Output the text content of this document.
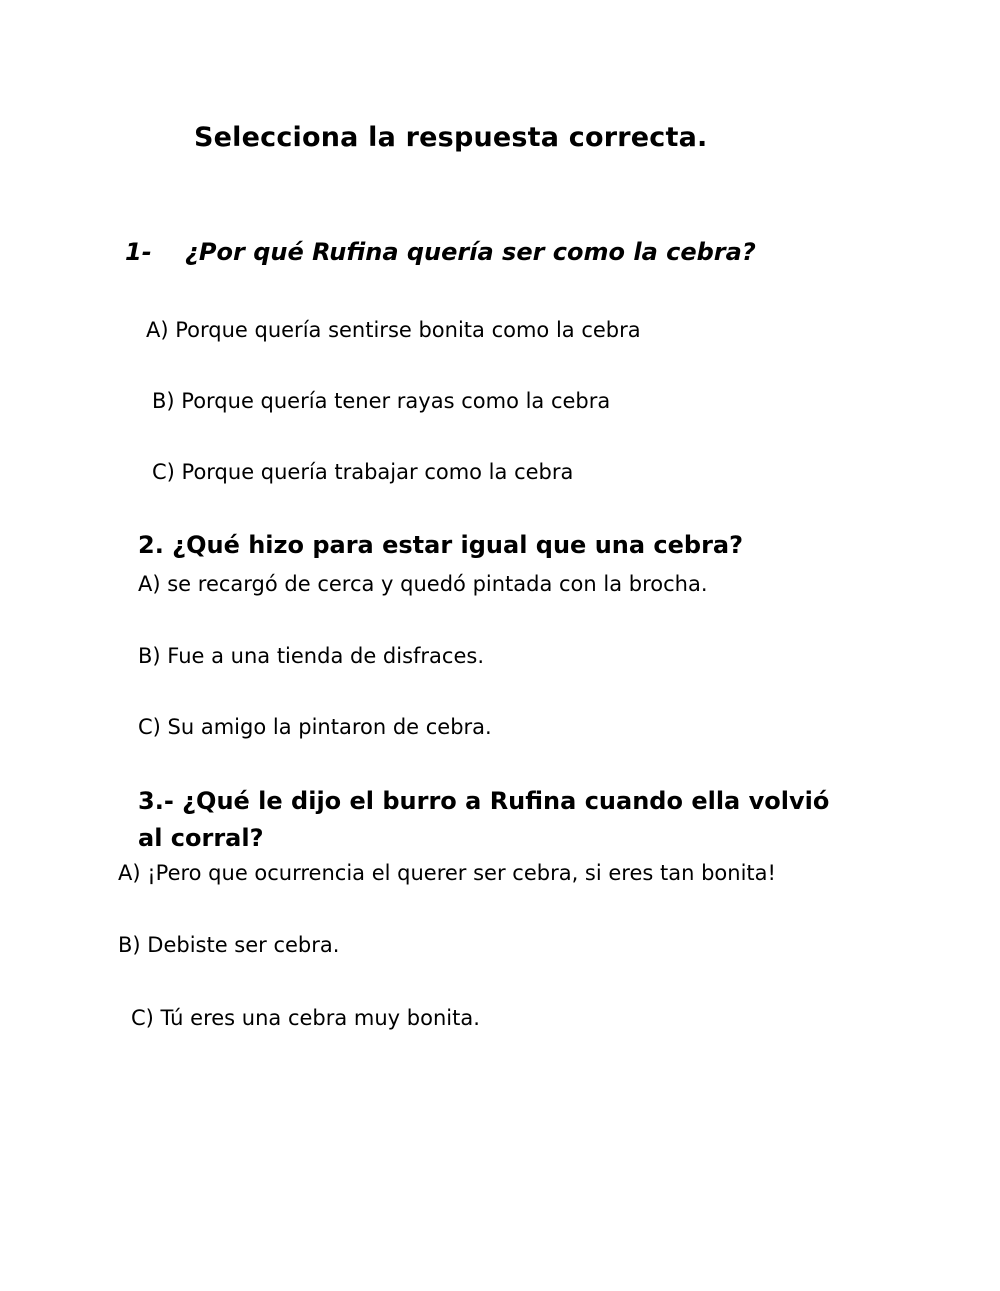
Selecciona la respuesta correcta.
1- ¿Por qué Rufina quería ser como la cebra?
A) Porque quería sentirse bonita como la cebra
B) Porque quería tener rayas como la cebra
C) Porque quería trabajar como la cebra
2. ¿Qué hizo para estar igual que una cebra?
A) se recargó de cerca y quedó pintada con la brocha.
B) Fue a una tienda de disfraces.
C) Su amigo la pintaron de cebra.
3.- ¿Qué le dijo el burro a Rufina cuando ella volvió al corral?
A) ¡Pero que ocurrencia el querer ser cebra, si eres tan bonita!
B) Debiste ser cebra.
C) Tú eres una cebra muy bonita.
